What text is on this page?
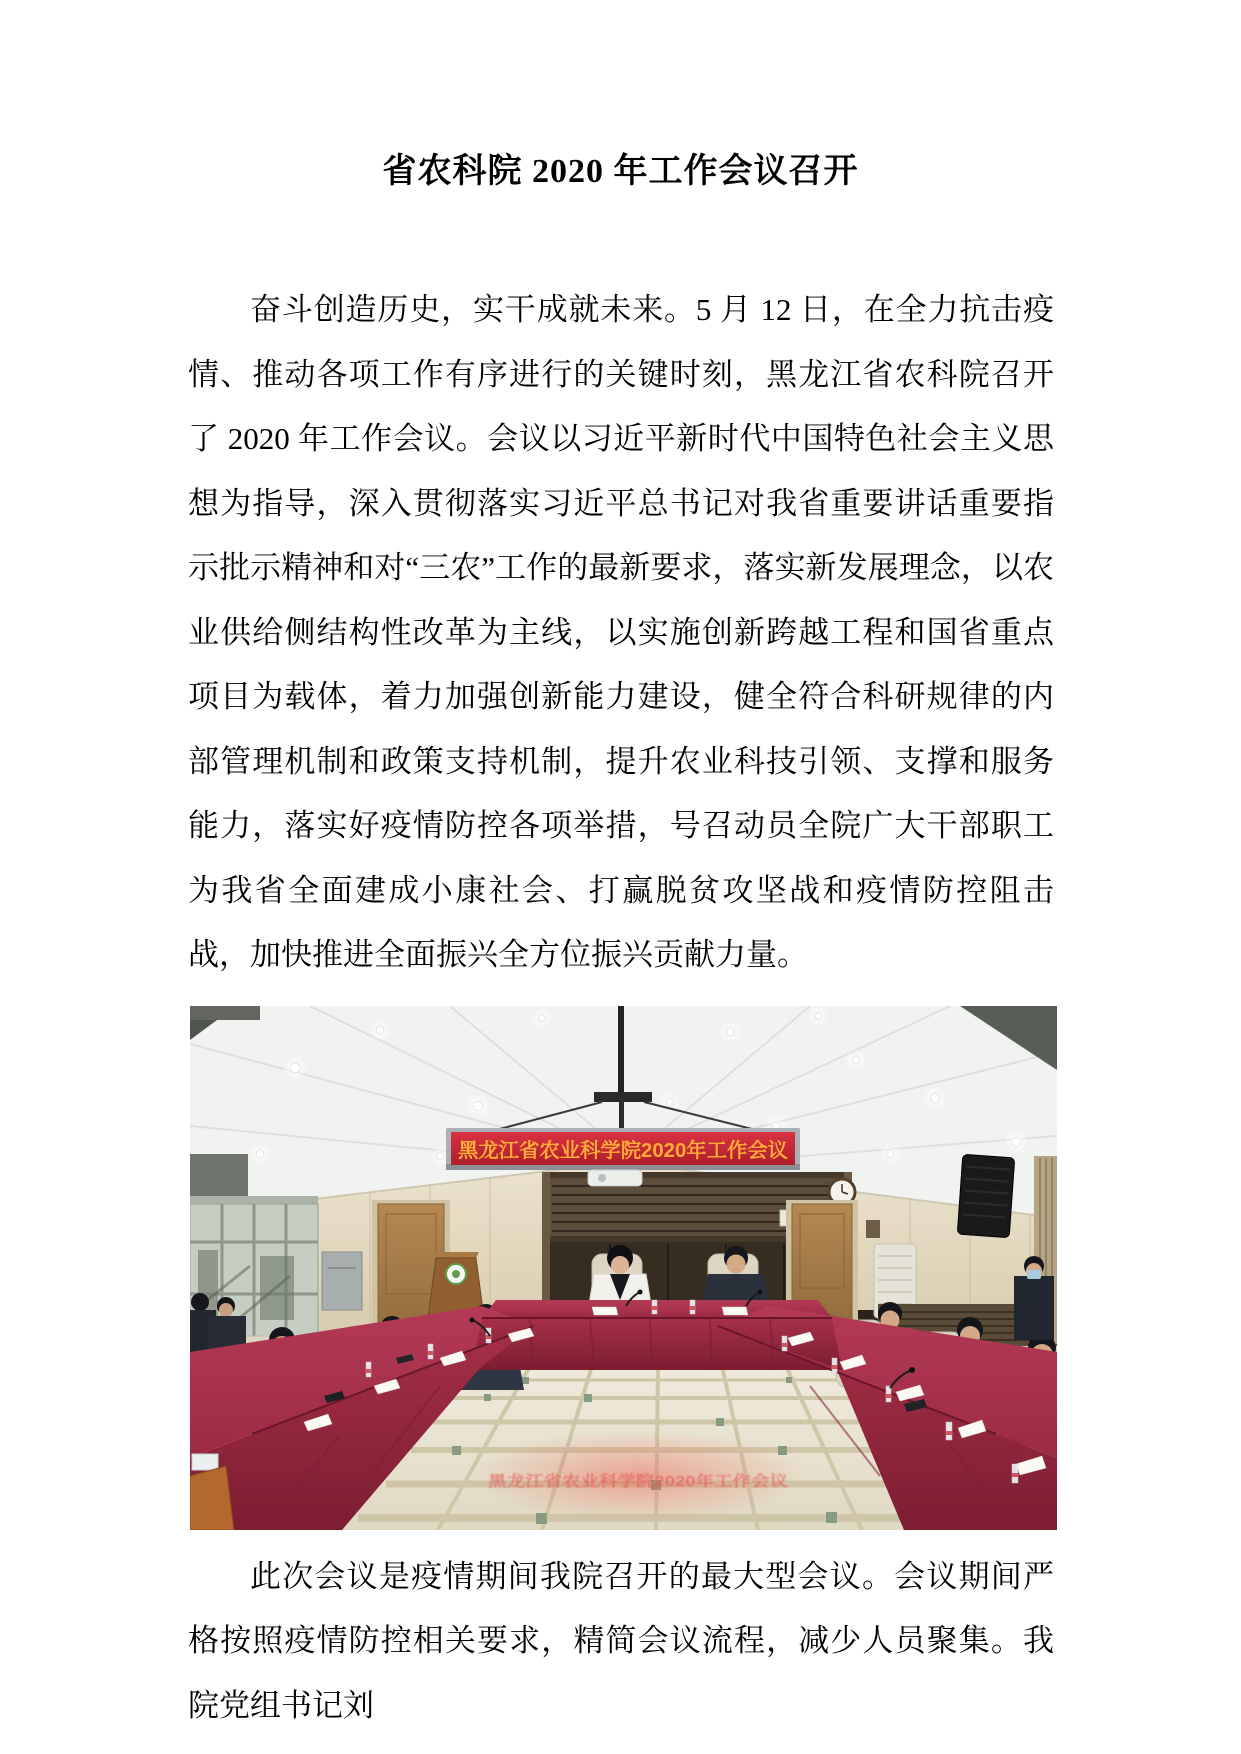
省农科院 2020 年工作会议召开

奋斗创造历史，实干成就未来。5 月 12 日，在全力抗击疫情、推动各项工作有序进行的关键时刻，黑龙江省农科院召开了 2020 年工作会议。会议以习近平新时代中国特色社会主义思想为指导，深入贯彻落实习近平总书记对我省重要讲话重要指示批示精神和对“三农”工作的最新要求，落实新发展理念，以农业供给侧结构性改革为主线，以实施创新跨越工程和国省重点项目为载体，着力加强创新能力建设，健全符合科研规律的内部管理机制和政策支持机制，提升农业科技引领、支撑和服务能力，落实好疫情防控各项举措，号召动员全院广大干部职工为我省全面建成小康社会、打赢脱贫攻坚战和疫情防控阻击战，加快推进全面振兴全方位振兴贡献力量。

黑龙江省农业科学院2020年工作会议
黑龙江省农业科学院2020年工作会议

此次会议是疫情期间我院召开的最大型会议。会议期间严格按照疫情防控相关要求，精简会议流程，减少人员聚集。我院党组书记刘
